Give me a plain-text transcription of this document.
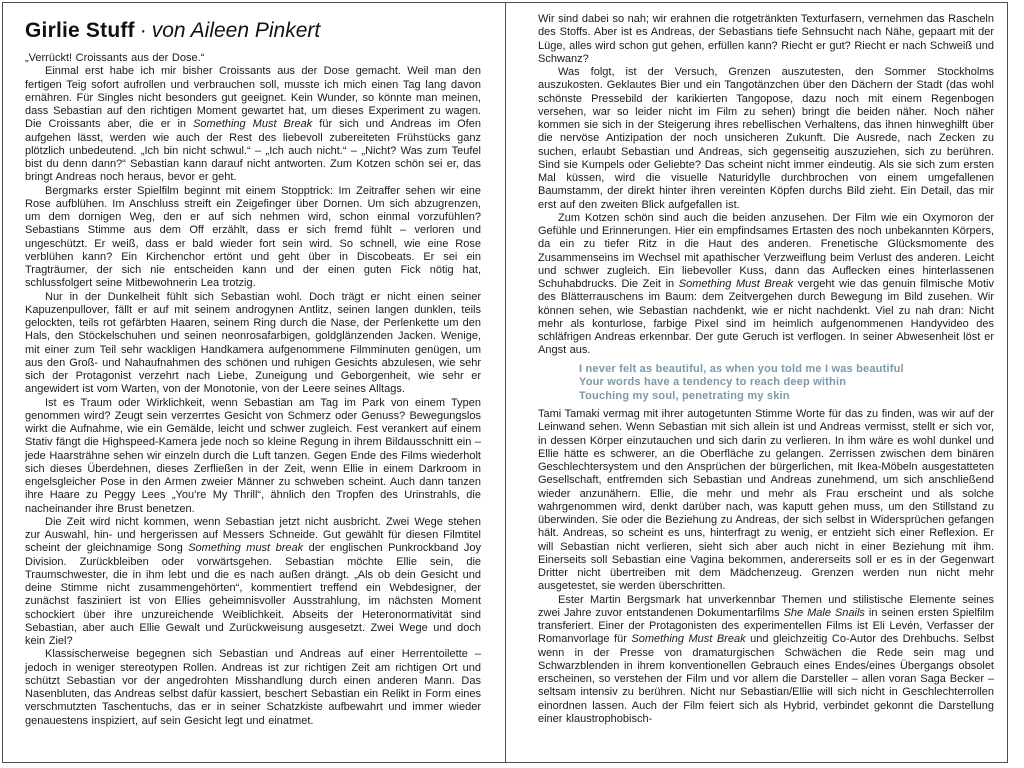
Girlie Stuff · von Aileen Pinkert

„Verrückt! Croissants aus der Dose.“

Einmal erst habe ich mir bisher Croissants aus der Dose gemacht. Weil man den fertigen Teig sofort aufrollen und verbrauchen soll, musste ich mich einen Tag lang davon ernähren. Für Singles nicht besonders gut geeignet. Kein Wunder, so könnte man meinen, dass Sebastian auf den richtigen Moment gewartet hat, um dieses Experiment zu wagen. Die Croissants aber, die er in Something Must Break für sich und Andreas im Ofen aufgehen lässt, werden wie auch der Rest des liebevoll zubereiteten Frühstücks ganz plötzlich unbedeutend. „Ich bin nicht schwul.“ – „Ich auch nicht.“ – „Nicht? Was zum Teufel bist du denn dann?“ Sebastian kann darauf nicht antworten. Zum Kotzen schön sei er, das bringt Andreas noch heraus, bevor er geht.

Bergmarks erster Spielfilm beginnt mit einem Stopptrick: Im Zeitraffer sehen wir eine Rose aufblühen. Im Anschluss streift ein Zeigefinger über Dornen. Um sich abzugrenzen, um dem dornigen Weg, den er auf sich nehmen wird, schon einmal vorzufühlen? Sebastians Stimme aus dem Off erzählt, dass er sich fremd fühlt – verloren und ungeschützt. Er weiß, dass er bald wieder fort sein wird. So schnell, wie eine Rose verblühen kann? Ein Kirchenchor ertönt und geht über in Discobeats. Er sei ein Tragträumer, der sich nie entscheiden kann und der einen guten Fick nötig hat, schlussfolgert seine Mitbewohnerin Lea trotzig.

Nur in der Dunkelheit fühlt sich Sebastian wohl. Doch trägt er nicht einen seiner Kapuzenpullover, fällt er auf mit seinem androgynen Antlitz, seinen langen dunklen, teils gelockten, teils rot gefärbten Haaren, seinem Ring durch die Nase, der Perlenkette um den Hals, den Stöckelschuhen und seinen neonrosafarbigen, goldglänzenden Jacken. Wenige, mit einer zum Teil sehr wackligen Handkamera aufgenommene Filmminuten genügen, um aus den Groß- und Nahaufnahmen des schönen und ruhigen Gesichts abzulesen, wie sehr sich der Protagonist verzehrt nach Liebe, Zuneigung und Geborgenheit, wie sehr er angewidert ist vom Warten, von der Monotonie, von der Leere seines Alltags.

Ist es Traum oder Wirklichkeit, wenn Sebastian am Tag im Park von einem Typen genommen wird? Zeugt sein verzerrtes Gesicht von Schmerz oder Genuss? Bewegungslos wirkt die Aufnahme, wie ein Gemälde, leicht und schwer zugleich. Fest verankert auf einem Stativ fängt die Highspeed-Kamera jede noch so kleine Regung in ihrem Bildausschnitt ein – jede Haarsträhne sehen wir einzeln durch die Luft tanzen. Gegen Ende des Films wiederholt sich dieses Überdehnen, dieses Zerfließen in der Zeit, wenn Ellie in einem Darkroom in engelsgleicher Pose in den Armen zweier Männer zu schweben scheint. Auch dann tanzen ihre Haare zu Peggy Lees „You’re My Thrill“, ähnlich den Tropfen des Urinstrahls, die nacheinander ihre Brust benetzen.

Die Zeit wird nicht kommen, wenn Sebastian jetzt nicht ausbricht. Zwei Wege stehen zur Auswahl, hin- und hergerissen auf Messers Schneide. Gut gewählt für diesen Filmtitel scheint der gleichnamige Song Something must break der englischen Punkrockband Joy Division. Zurückbleiben oder vorwärtsgehen. Sebastian möchte Ellie sein, die Traumschwester, die in ihm lebt und die es nach außen drängt. „Als ob dein Gesicht und deine Stimme nicht zusammengehörten“, kommentiert treffend ein Webdesigner, der zunächst fasziniert ist von Ellies geheimnisvoller Ausstrahlung, im nächsten Moment schockiert über ihre unzureichende Weiblichkeit. Abseits der Heteronormativität sind Sebastian, aber auch Ellie Gewalt und Zurückweisung ausgesetzt. Zwei Wege und doch kein Ziel?

Klassischerweise begegnen sich Sebastian und Andreas auf einer Herrentoilette – jedoch in weniger stereotypen Rollen. Andreas ist zur richtigen Zeit am richtigen Ort und schützt Sebastian vor der angedrohten Misshandlung durch einen anderen Mann. Das Nasenbluten, das Andreas selbst dafür kassiert, beschert Sebastian ein Relikt in Form eines verschmutzten Taschentuchs, das er in seiner Schatzkiste aufbewahrt und immer wieder genauestens inspiziert, auf sein Gesicht legt und einatmet.

Wir sind dabei so nah; wir erahnen die rotgetränkten Texturfasern, vernehmen das Rascheln des Stoffs. Aber ist es Andreas, der Sebastians tiefe Sehnsucht nach Nähe, gepaart mit der Lüge, alles wird schon gut gehen, erfüllen kann? Riecht er gut? Riecht er nach Schweiß und Schwanz?

Was folgt, ist der Versuch, Grenzen auszutesten, den Sommer Stockholms auszukosten. Geklautes Bier und ein Tangotänzchen über den Dächern der Stadt (das wohl schönste Pressebild der karikierten Tangopose, dazu noch mit einem Regenbogen versehen, war so leider nicht im Film zu sehen) bringt die beiden näher. Noch näher kommen sie sich in der Steigerung ihres rebellischen Verhaltens, das ihnen hinweghilft über die nervöse Antizipation der noch unsicheren Zukunft. Die Ausrede, nach Zecken zu suchen, erlaubt Sebastian und Andreas, sich gegenseitig auszuziehen, sich zu berühren. Sind sie Kumpels oder Geliebte? Das scheint nicht immer eindeutig. Als sie sich zum ersten Mal küssen, wird die visuelle Naturidylle durchbrochen von einem umgefallenen Baumstamm, der direkt hinter ihren vereinten Köpfen durchs Bild zieht. Ein Detail, das mir erst auf den zweiten Blick aufgefallen ist.

Zum Kotzen schön sind auch die beiden anzusehen. Der Film wie ein Oxymoron der Gefühle und Erinnerungen. Hier ein empfindsames Ertasten des noch unbekannten Körpers, da ein zu tiefer Ritz in die Haut des anderen. Frenetische Glücksmomente des Zusammenseins im Wechsel mit apathischer Verzweiflung beim Verlust des anderen. Leicht und schwer zugleich. Ein liebevoller Kuss, dann das Auflecken eines hinterlassenen Schuhabdrucks. Die Zeit in Something Must Break vergeht wie das genuin filmische Motiv des Blätterrauschens im Baum: dem Zeitvergehen durch Bewegung im Bild zusehen. Wir können sehen, wie Sebastian nachdenkt, wie er nicht nachdenkt. Viel zu nah dran: Nicht mehr als konturlose, farbige Pixel sind im heimlich aufgenommenen Handyvideo des schläfrigen Andreas erkennbar. Der gute Geruch ist verflogen. In seiner Abwesenheit löst er Angst aus.

I never felt as beautiful, as when you told me I was beautiful
Your words have a tendency to reach deep within
Touching my soul, penetrating my skin

Tami Tamaki vermag mit ihrer autogetunten Stimme Worte für das zu finden, was wir auf der Leinwand sehen. Wenn Sebastian mit sich allein ist und Andreas vermisst, stellt er sich vor, in dessen Körper einzutauchen und sich darin zu verlieren. In ihm wäre es wohl dunkel und Ellie hätte es schwerer, an die Oberfläche zu gelangen. Zerrissen zwischen dem binären Geschlechtersystem und den Ansprüchen der bürgerlichen, mit Ikea-Möbeln ausgestatteten Gesellschaft, entfremden sich Sebastian und Andreas zunehmend, um sich anschließend wieder anzunähern. Ellie, die mehr und mehr als Frau erscheint und als solche wahrgenommen wird, denkt darüber nach, was kaputt gehen muss, um den Stillstand zu überwinden. Sie oder die Beziehung zu Andreas, der sich selbst in Widersprüchen gefangen hält. Andreas, so scheint es uns, hinterfragt zu wenig, er entzieht sich einer Reflexion. Er will Sebastian nicht verlieren, sieht sich aber auch nicht in einer Beziehung mit ihm. Einerseits soll Sebastian eine Vagina bekommen, andererseits soll er es in der Gegenwart Dritter nicht übertreiben mit dem Mädchenzeug. Grenzen werden nun nicht mehr ausgetestet, sie werden überschritten.

Ester Martin Bergsmark hat unverkennbar Themen und stilistische Elemente seines zwei Jahre zuvor entstandenen Dokumentarfilms She Male Snails in seinen ersten Spielfilm transferiert. Einer der Protagonisten des experimentellen Films ist Eli Levén, Verfasser der Romanvorlage für Something Must Break und gleichzeitig Co-Autor des Drehbuchs. Selbst wenn in der Presse von dramaturgischen Schwächen die Rede sein mag und Schwarzblenden in ihrem konventionellen Gebrauch eines Endes/eines Übergangs obsolet erscheinen, so verstehen der Film und vor allem die Darsteller – allen voran Saga Becker –seltsam intensiv zu berühren. Nicht nur Sebastian/Ellie will sich nicht in Geschlechterrollen einordnen lassen. Auch der Film feiert sich als Hybrid, verbindet gekonnt die Darstellung einer klaustrophobisch-
